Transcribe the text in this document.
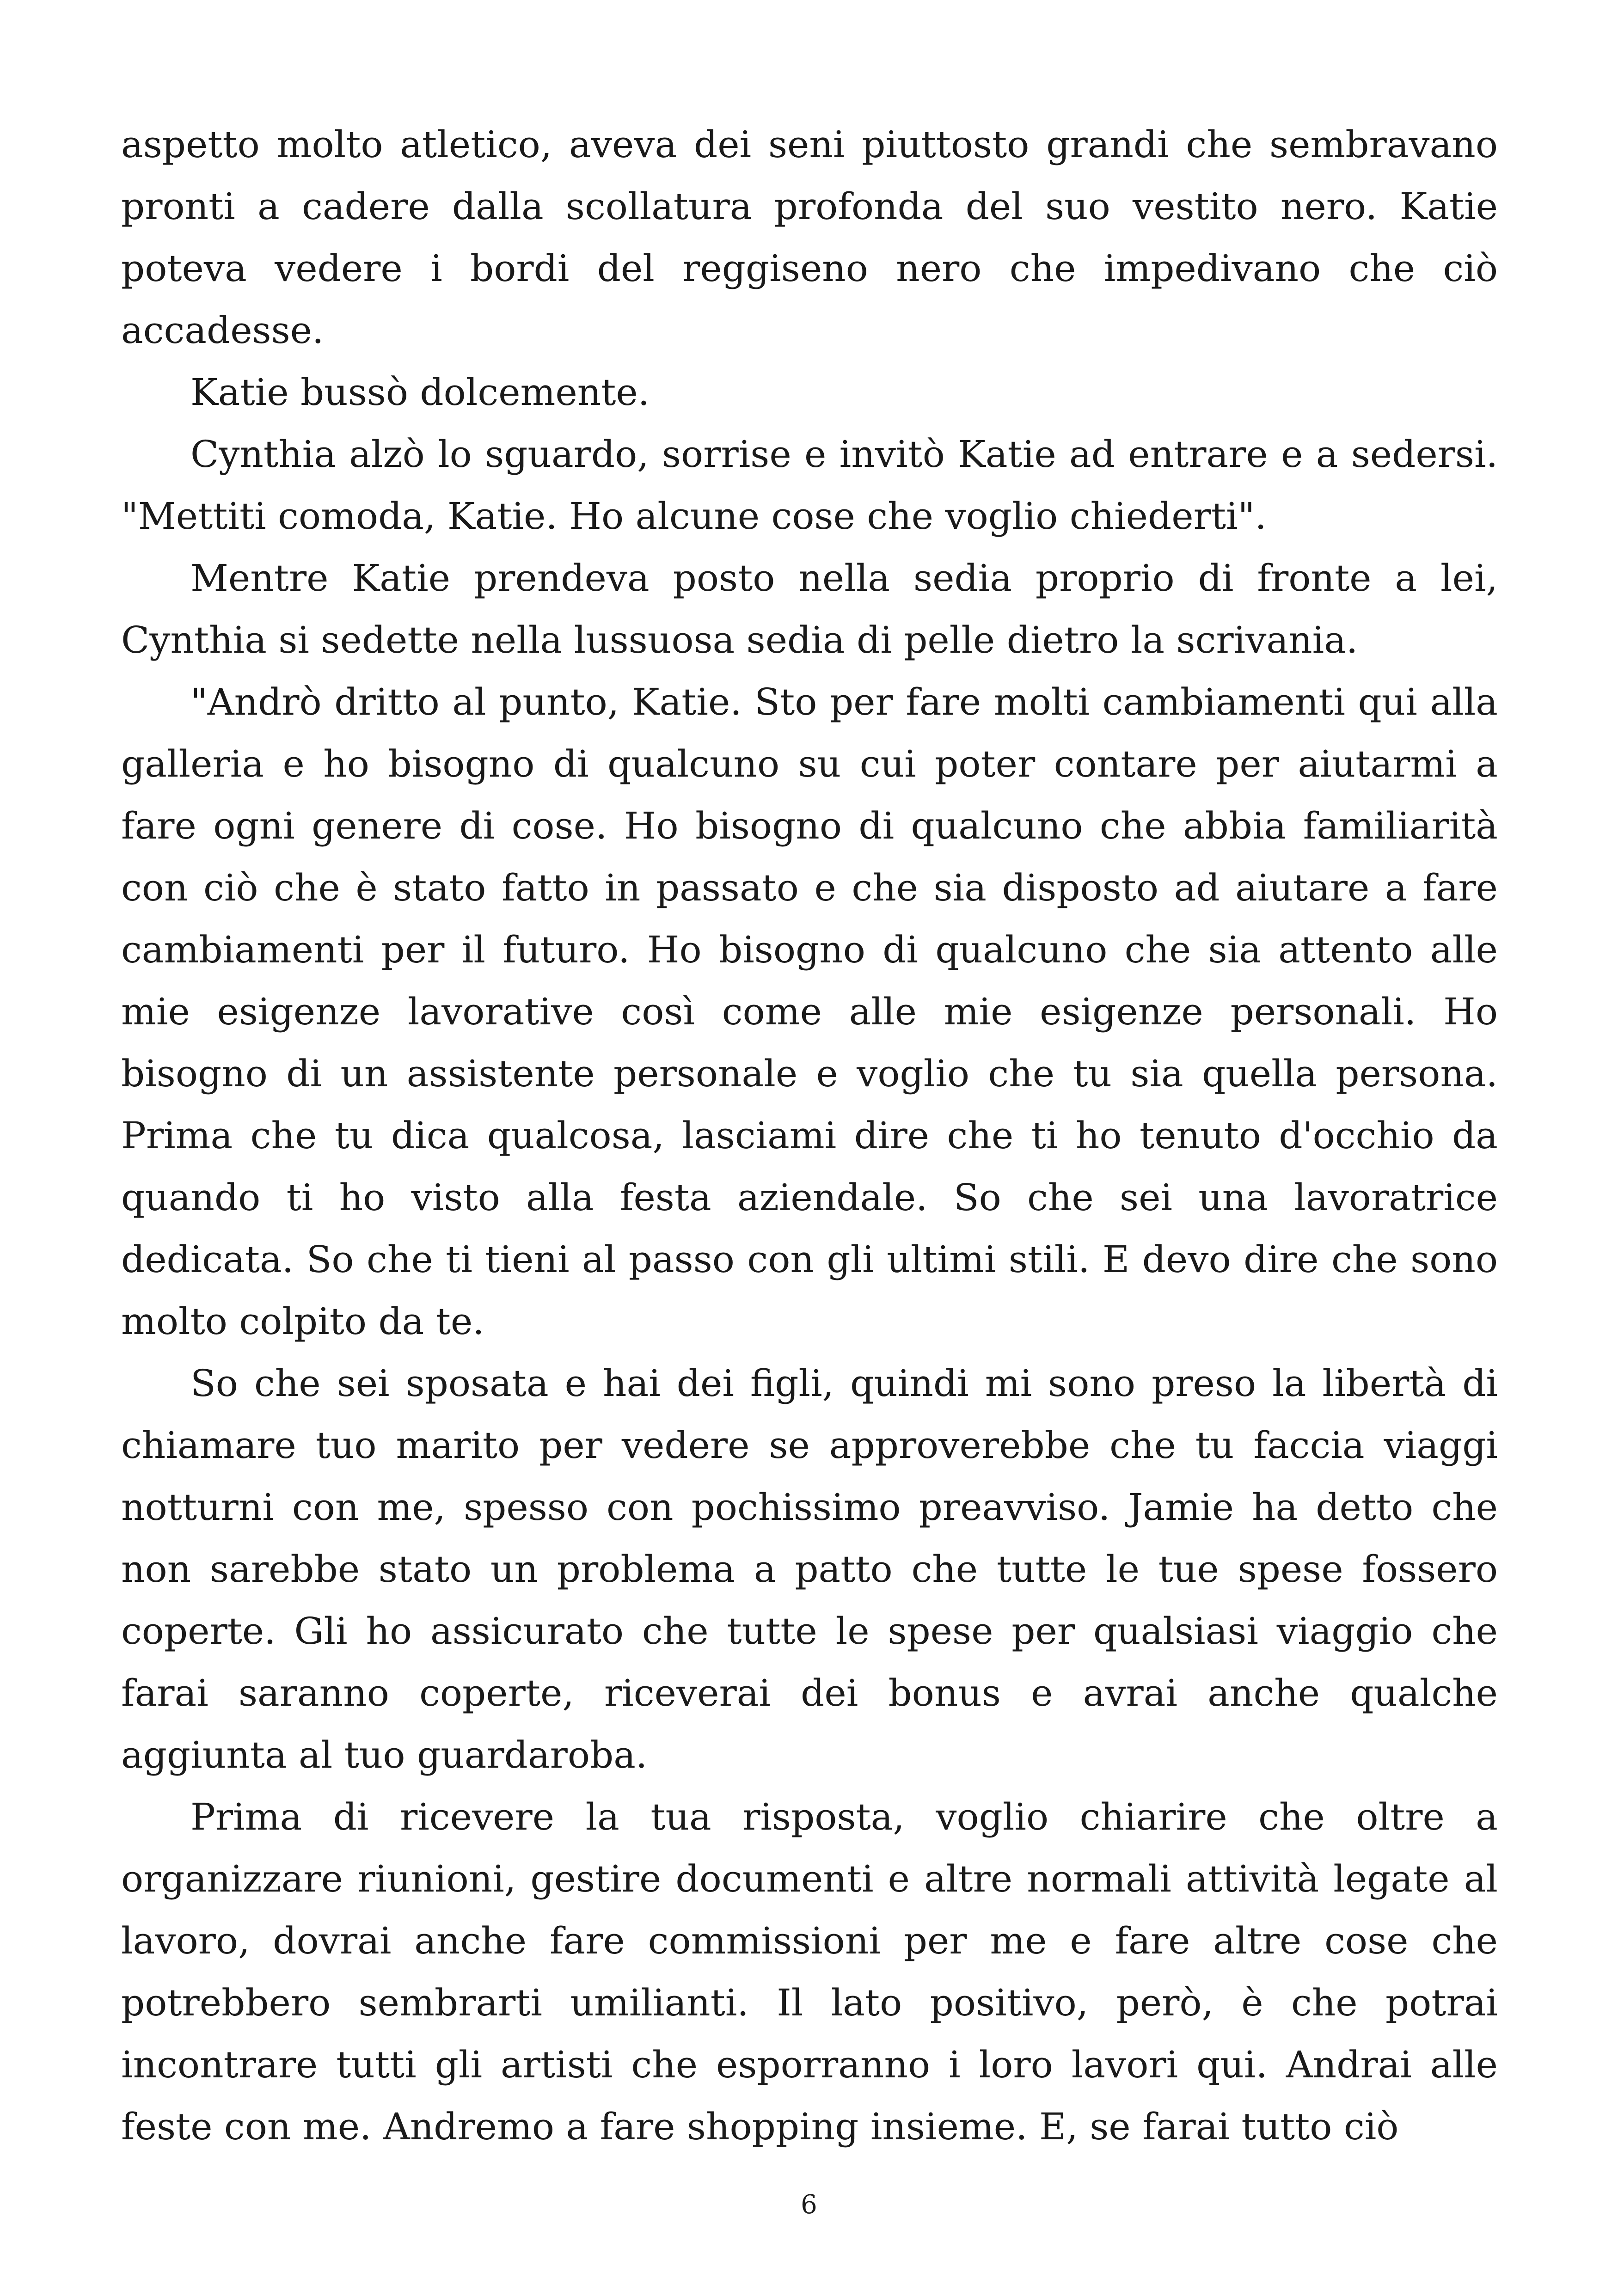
aspetto molto atletico, aveva dei seni piuttosto grandi che sembravano pronti a cadere dalla scollatura profonda del suo vestito nero. Katie poteva vedere i bordi del reggiseno nero che impedivano che ciò accadesse.

Katie bussò dolcemente.

Cynthia alzò lo sguardo, sorrise e invitò Katie ad entrare e a sedersi. "Mettiti comoda, Katie. Ho alcune cose che voglio chiederti".

Mentre Katie prendeva posto nella sedia proprio di fronte a lei, Cynthia si sedette nella lussuosa sedia di pelle dietro la scrivania.

"Andrò dritto al punto, Katie. Sto per fare molti cambiamenti qui alla galleria e ho bisogno di qualcuno su cui poter contare per aiutarmi a fare ogni genere di cose. Ho bisogno di qualcuno che abbia familiarità con ciò che è stato fatto in passato e che sia disposto ad aiutare a fare cambiamenti per il futuro. Ho bisogno di qualcuno che sia attento alle mie esigenze lavorative così come alle mie esigenze personali. Ho bisogno di un assistente personale e voglio che tu sia quella persona. Prima che tu dica qualcosa, lasciami dire che ti ho tenuto d'occhio da quando ti ho visto alla festa aziendale. So che sei una lavoratrice dedicata. So che ti tieni al passo con gli ultimi stili. E devo dire che sono molto colpito da te.

So che sei sposata e hai dei figli, quindi mi sono preso la libertà di chiamare tuo marito per vedere se approverebbe che tu faccia viaggi notturni con me, spesso con pochissimo preavviso. Jamie ha detto che non sarebbe stato un problema a patto che tutte le tue spese fossero coperte. Gli ho assicurato che tutte le spese per qualsiasi viaggio che farai saranno coperte, riceverai dei bonus e avrai anche qualche aggiunta al tuo guardaroba.

Prima di ricevere la tua risposta, voglio chiarire che oltre a organizzare riunioni, gestire documenti e altre normali attività legate al lavoro, dovrai anche fare commissioni per me e fare altre cose che potrebbero sembrarti umilianti. Il lato positivo, però, è che potrai incontrare tutti gli artisti che esporranno i loro lavori qui. Andrai alle feste con me. Andremo a fare shopping insieme. E, se farai tutto ciò

6
